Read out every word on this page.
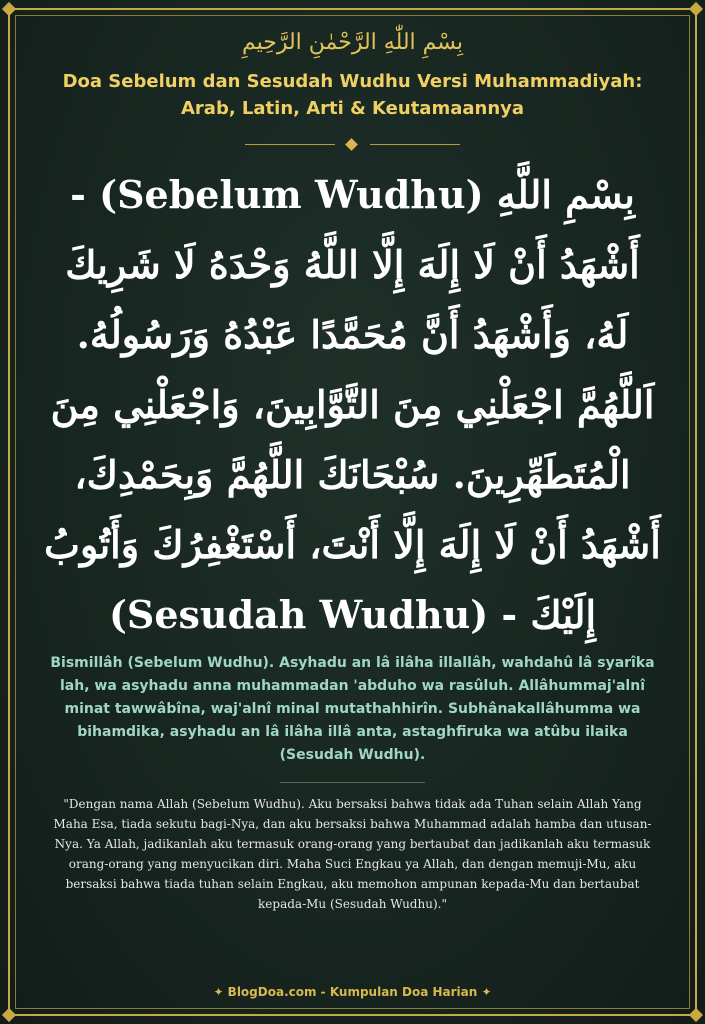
بِسْمِ اللّٰهِ الرَّحْمٰنِ الرَّحِيمِ
Doa Sebelum dan Sesudah Wudhu Versi Muhammadiyah: Arab, Latin, Arti & Keutamaannya
بِسْمِ اللَّهِ (Sebelum Wudhu) - أَشْهَدُ أَنْ لَا إِلَهَ إِلَّا اللَّهُ وَحْدَهُ لَا شَرِيكَ لَهُ، وَأَشْهَدُ أَنَّ مُحَمَّدًا عَبْدُهُ وَرَسُولُهُ. اَللَّهُمَّ اجْعَلْنِي مِنَ التَّوَّابِينَ، وَاجْعَلْنِي مِنَ الْمُتَطَهِّرِينَ. سُبْحَانَكَ اللَّهُمَّ وَبِحَمْدِكَ، أَشْهَدُ أَنْ لَا إِلَهَ إِلَّا أَنْتَ، أَسْتَغْفِرُكَ وَأَتُوبُ إِلَيْكَ - (Sesudah Wudhu)
Bismillâh (Sebelum Wudhu). Asyhadu an lâ ilâha illallâh, wahdahû lâ syarîka lah, wa asyhadu anna muhammadan 'abduho wa rasûluh. Allâhummaj'alnî minat tawwâbîna, waj'alnî minal mutathahhirîn. Subhânakallâhumma wa bihamdika, asyhadu an lâ ilâha illâ anta, astaghfiruka wa atûbu ilaika (Sesudah Wudhu).
"Dengan nama Allah (Sebelum Wudhu). Aku bersaksi bahwa tidak ada Tuhan selain Allah Yang Maha Esa, tiada sekutu bagi-Nya, dan aku bersaksi bahwa Muhammad adalah hamba dan utusan-Nya. Ya Allah, jadikanlah aku termasuk orang-orang yang bertaubat dan jadikanlah aku termasuk orang-orang yang menyucikan diri. Maha Suci Engkau ya Allah, dan dengan memuji-Mu, aku bersaksi bahwa tiada tuhan selain Engkau, aku memohon ampunan kepada-Mu dan bertaubat kepada-Mu (Sesudah Wudhu)."
✦ BlogDoa.com - Kumpulan Doa Harian ✦
